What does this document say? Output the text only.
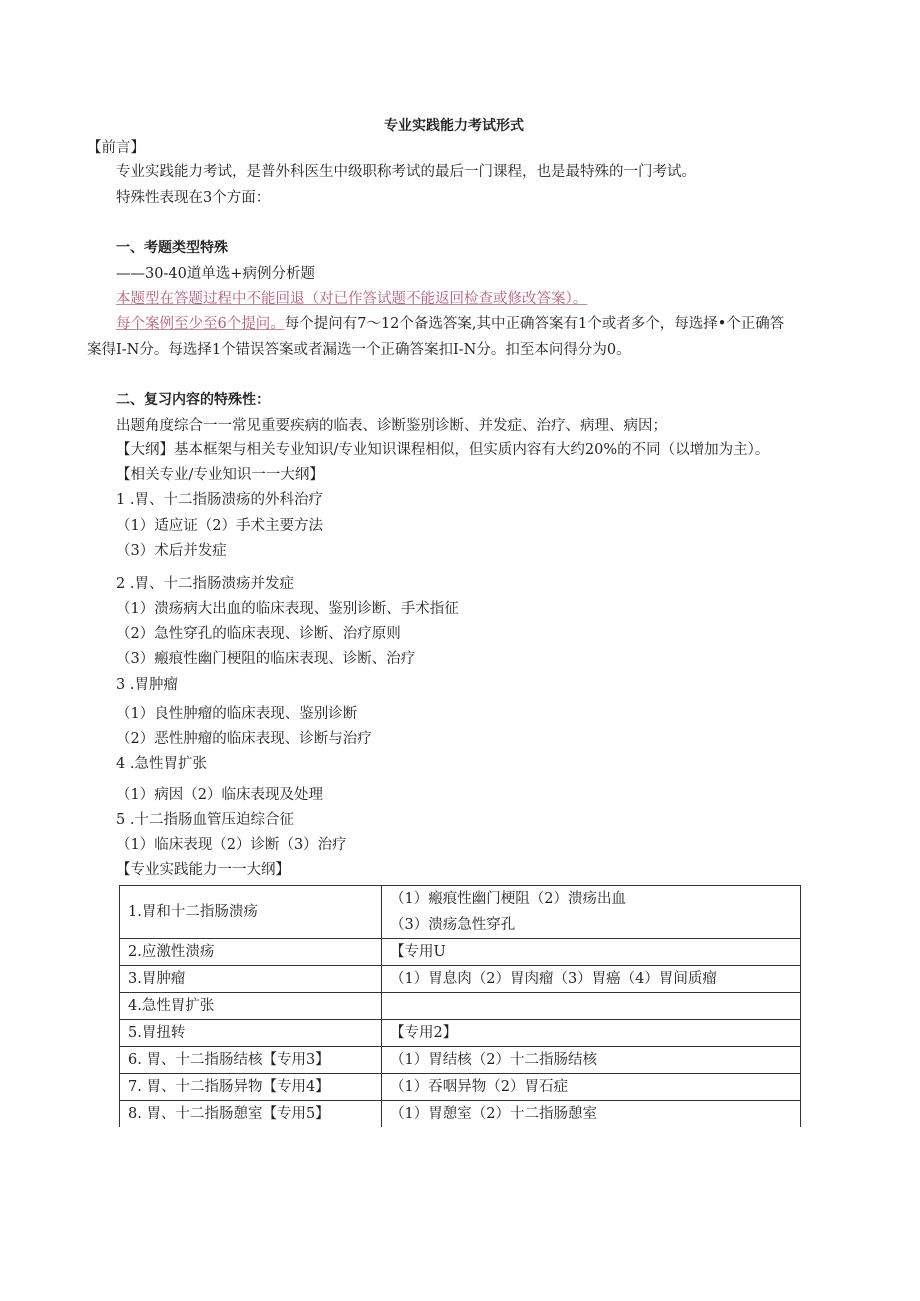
专业实践能力考试形式
【前言】
专业实践能力考试，是普外科医生中级职称考试的最后一门课程，也是最特殊的一门考试。
特殊性表现在3个方面：
一、考题类型特殊
——30-40道单选+病例分析题
本题型在答题过程中不能回退（对已作答试题不能返回检查或修改答案）。
每个案例至少至6个提问。每个提问有7～12个备选答案,其中正确答案有1个或者多个，每选择•个正确答
案得I-N分。每选择1个错误答案或者漏选一个正确答案扣I-N分。扣至本问得分为0。
二、复习内容的特殊性：
出题角度综合一一常见重要疾病的临表、诊断鉴别诊断、并发症、治疗、病理、病因；
【大纲】基本框架与相关专业知识/专业知识课程相似，但实质内容有大约20%的不同（以增加为主）。
【相关专业/专业知识一一大纲】
1 .胃、十二指肠溃疡的外科治疗
（1）适应证（2）手术主要方法
（3）术后并发症
2 .胃、十二指肠溃疡并发症
（1）溃疡病大出血的临床表现、鉴别诊断、手术指征
（2）急性穿孔的临床表现、诊断、治疗原则
（3）瘢痕性幽门梗阻的临床表现、诊断、治疗
3 .胃肿瘤
（1）良性肿瘤的临床表现、鉴别诊断
（2）恶性肿瘤的临床表现、诊断与治疗
4 .急性胃扩张
（1）病因（2）临床表现及处理
5 .十二指肠血管压迫综合征
（1）临床表现（2）诊断（3）治疗
【专业实践能力一一大纲】
1.胃和十二指肠溃疡	（1）瘢痕性幽门梗阻（2）溃疡出血
（3）溃疡急性穿孔

2.应激性溃疡	【专用U
3.胃肿瘤	（1）胃息肉（2）胃肉瘤（3）胃癌（4）胃间质瘤
4.急性胃扩张	
5.胃扭转	【专用2】
6. 胃、十二指肠结核【专用3】	（1）胃结核（2）十二指肠结核
7. 胃、十二指肠异物【专用4】	（1）吞咽异物（2）胃石症
8. 胃、十二指肠憩室【专用5】	（1）胃憩室（2）十二指肠憩室
